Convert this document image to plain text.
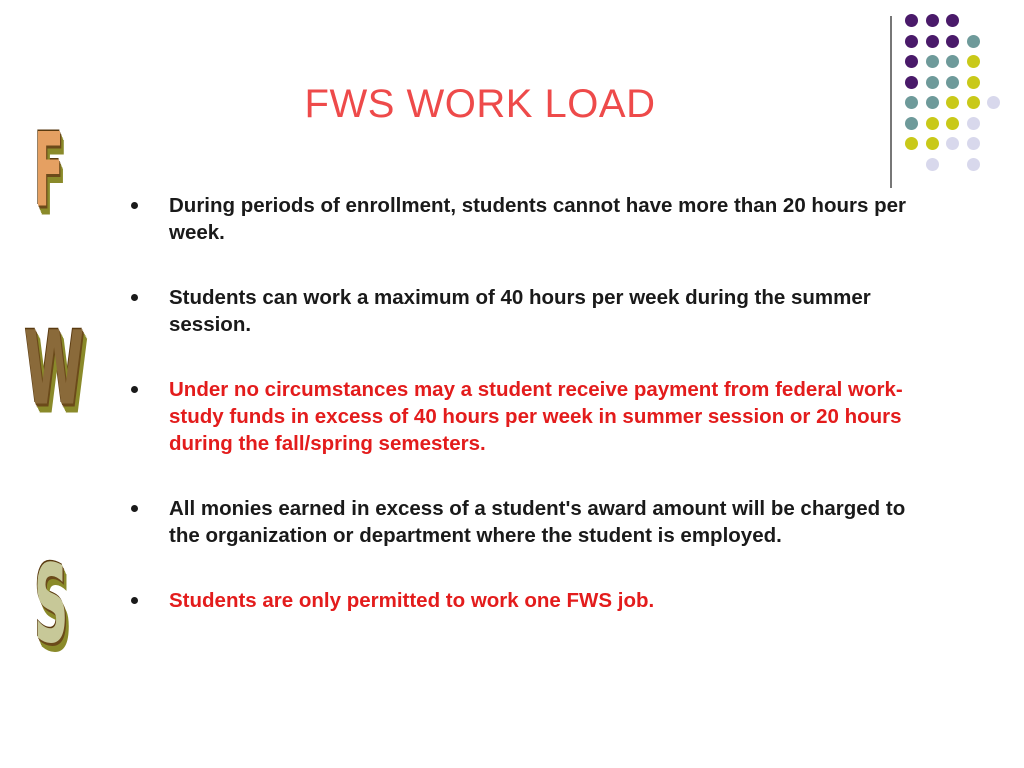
F
W
S
FWS WORK LOAD
During periods of enrollment, students cannot have more than 20 hours per week.
Students can work a maximum of 40 hours per week during the summer session.
Under no circumstances may a student receive payment from federal work-study funds in excess of 40 hours per week in summer session or 20 hours during the fall/spring semesters.
All monies earned in excess of a student's award amount will be charged to the organization or department where the student is employed.
Students are only permitted to work one FWS job.
